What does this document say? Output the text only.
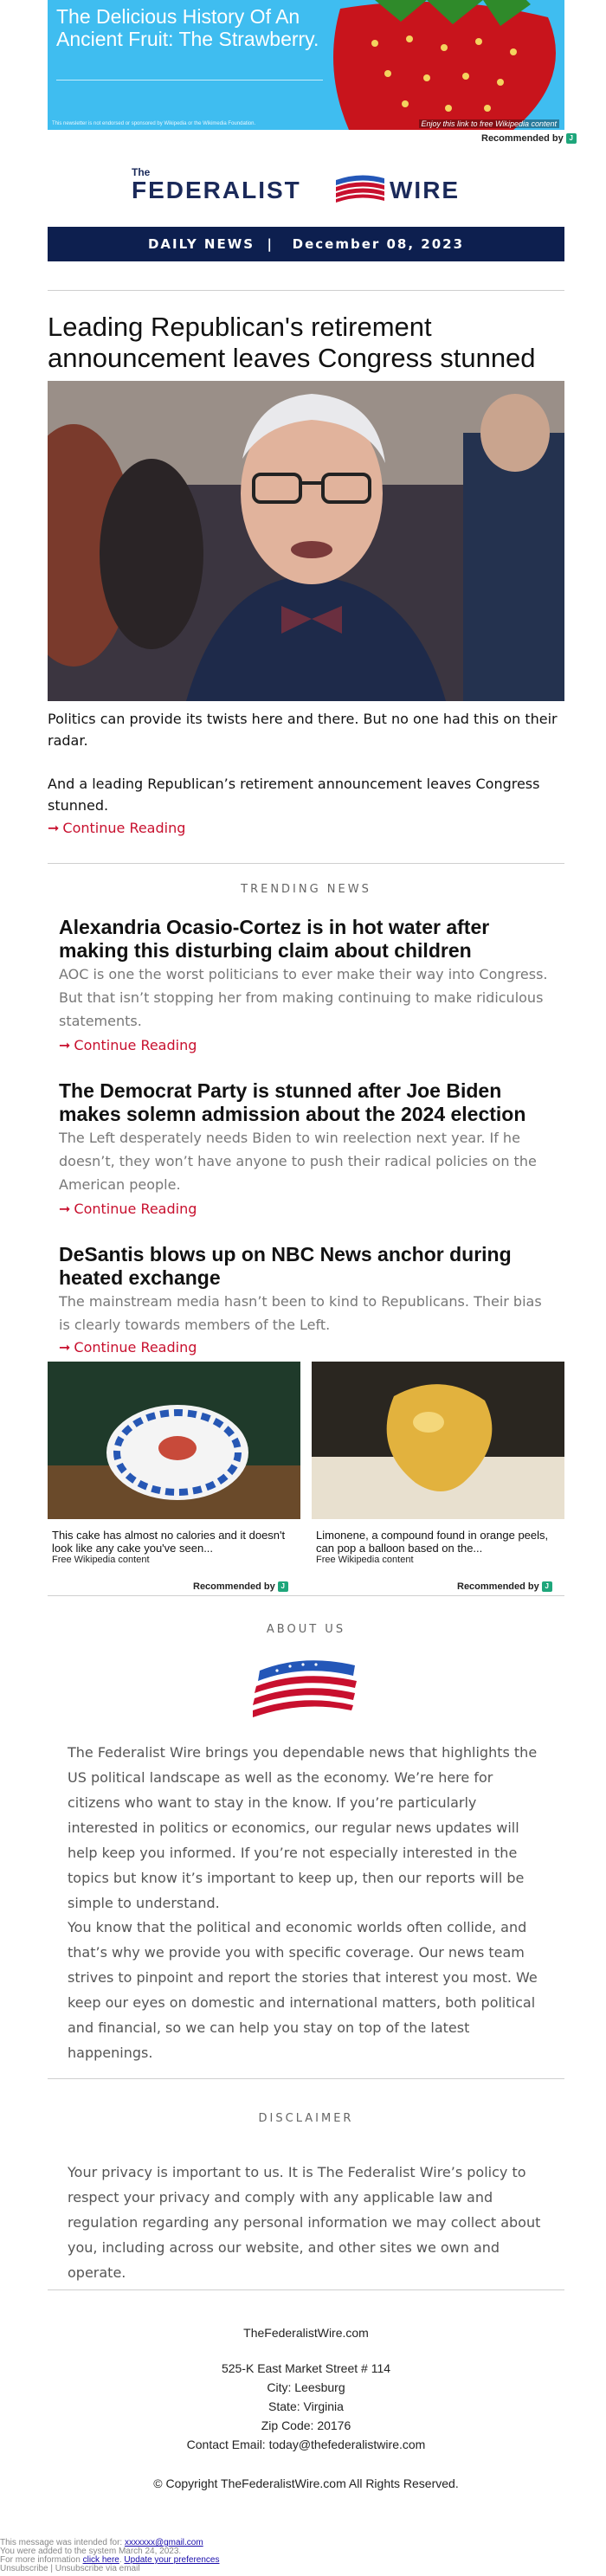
The Delicious History Of An Ancient Fruit: The Strawberry.
This newsletter is not endorsed or sponsored by Wikipedia or the Wikimedia Foundation.	Enjoy this link to free Wikipedia content
Recommended by J
The
FEDERALIST	WIRE
DAILY NEWS  |   December 08, 2023
Leading Republican's retirement announcement leaves Congress stunned

Politics can provide its twists here and there. But no one had this on their radar.

And a leading Republican’s retirement announcement leaves Congress stunned.

➞ Continue Reading
TRENDING NEWS
Alexandria Ocasio-Cortez is in hot water after making this disturbing claim about children

AOC is one the worst politicians to ever make their way into Congress. But that isn’t stopping her from making continuing to make ridiculous statements.

➞ Continue Reading
The Democrat Party is stunned after Joe Biden makes solemn admission about the 2024 election

The Left desperately needs Biden to win reelection next year. If he doesn’t, they won’t have anyone to push their radical policies on the American people.

➞ Continue Reading
DeSantis blows up on NBC News anchor during heated exchange

The mainstream media hasn’t been to kind to Republicans. Their bias is clearly towards members of the Left.

➞ Continue Reading
This cake has almost no calories and it doesn't look like any cake you've seen...
Free Wikipedia content
Limonene, a compound found in orange peels, can pop a balloon based on the...
Free Wikipedia content
Recommended by J	Recommended by J
ABOUT US

The Federalist Wire brings you dependable news that highlights the US political landscape as well as the economy. We’re here for citizens who want to stay in the know. If you’re particularly interested in politics or economics, our regular news updates will help keep you informed. If you’re not especially interested in the topics but know it’s important to keep up, then our reports will be simple to understand.

You know that the political and economic worlds often collide, and that’s why we provide you with specific coverage. Our news team strives to pinpoint and report the stories that interest you most. We keep our eyes on domestic and international matters, both political and financial, so we can help you stay on top of the latest happenings.

DISCLAIMER

Your privacy is important to us. It is The Federalist Wire’s policy to respect your privacy and comply with any applicable law and regulation regarding any personal information we may collect about you, including across our website, and other sites we own and operate.

TheFederalistWire.com
525-K East Market Street # 114
City: Leesburg
State: Virginia
Zip Code: 20176
Contact Email: today@thefederalistwire.com
© Copyright TheFederalistWire.com All Rights Reserved.
This message was intended for: xxxxxxx@gmail.com
You were added to the system March 24, 2023.
For more information click here. Update your preferences
Unsubscribe | Unsubscribe via email
